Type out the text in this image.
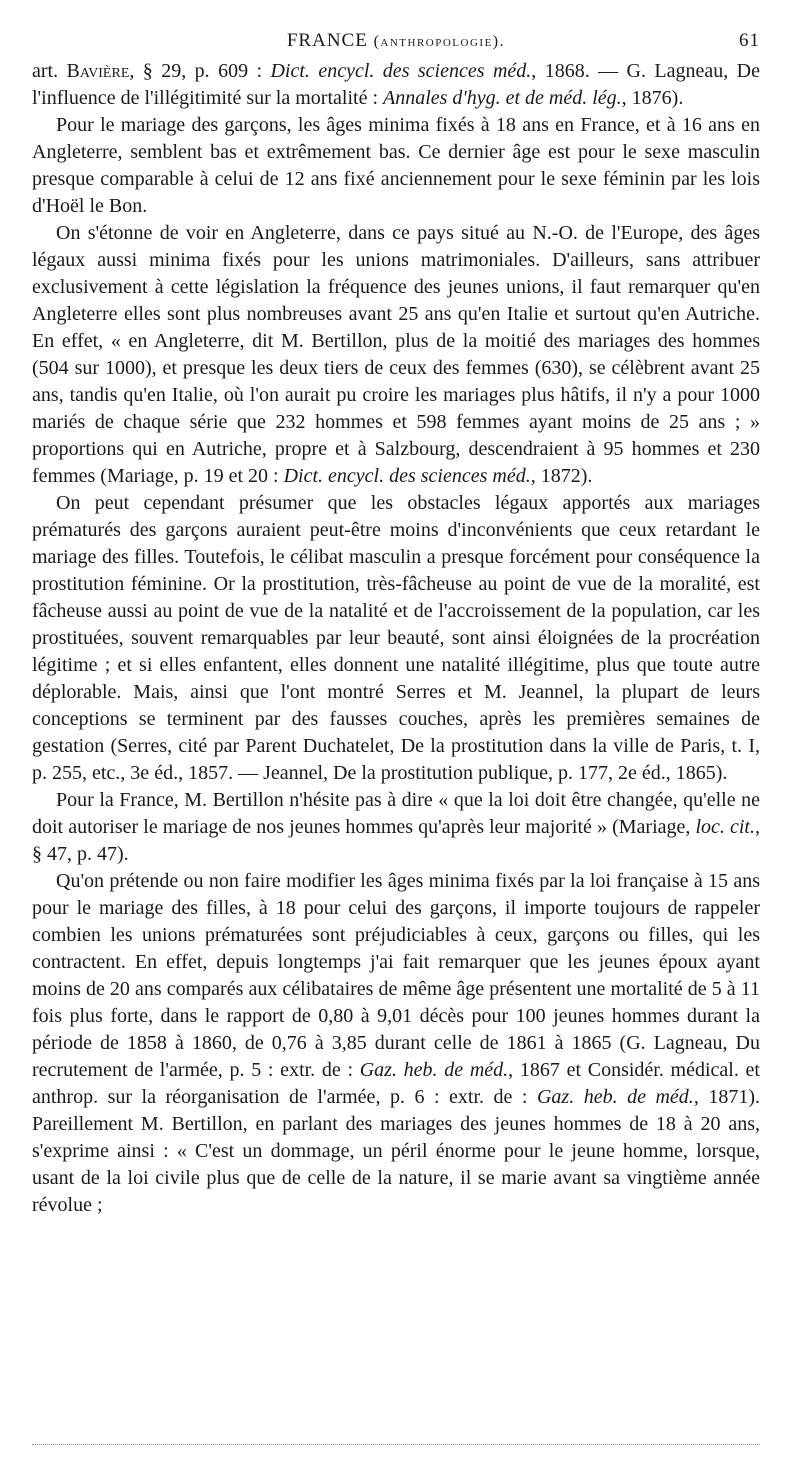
FRANCE (anthropologie).	61

art. Bavière, § 29, p. 609 : Dict. encycl. des sciences méd., 1868. — G. Lagneau, De l'influence de l'illégitimité sur la mortalité : Annales d'hyg. et de méd. lég., 1876).

Pour le mariage des garçons, les âges minima fixés à 18 ans en France, et à 16 ans en Angleterre, semblent bas et extrêmement bas. Ce dernier âge est pour le sexe masculin presque comparable à celui de 12 ans fixé anciennement pour le sexe féminin par les lois d'Hoël le Bon.

On s'étonne de voir en Angleterre, dans ce pays situé au N.-O. de l'Europe, des âges légaux aussi minima fixés pour les unions matrimoniales. D'ailleurs, sans attribuer exclusivement à cette législation la fréquence des jeunes unions, il faut remarquer qu'en Angleterre elles sont plus nombreuses avant 25 ans qu'en Italie et surtout qu'en Autriche. En effet, « en Angleterre, dit M. Bertillon, plus de la moitié des mariages des hommes (504 sur 1000), et presque les deux tiers de ceux des femmes (630), se célèbrent avant 25 ans, tandis qu'en Italie, où l'on aurait pu croire les mariages plus hâtifs, il n'y a pour 1000 mariés de chaque série que 232 hommes et 598 femmes ayant moins de 25 ans ; » proportions qui en Autriche, propre et à Salzbourg, descendraient à 95 hommes et 230 femmes (Mariage, p. 19 et 20 : Dict. encycl. des sciences méd., 1872).

On peut cependant présumer que les obstacles légaux apportés aux mariages prématurés des garçons auraient peut-être moins d'inconvénients que ceux retardant le mariage des filles. Toutefois, le célibat masculin a presque forcément pour conséquence la prostitution féminine. Or la prostitution, très-fâcheuse au point de vue de la moralité, est fâcheuse aussi au point de vue de la natalité et de l'accroissement de la population, car les prostituées, souvent remarquables par leur beauté, sont ainsi éloignées de la procréation légitime ; et si elles enfantent, elles donnent une natalité illégitime, plus que toute autre déplorable. Mais, ainsi que l'ont montré Serres et M. Jeannel, la plupart de leurs conceptions se terminent par des fausses couches, après les premières semaines de gestation (Serres, cité par Parent Duchatelet, De la prostitution dans la ville de Paris, t. I, p. 255, etc., 3e éd., 1857. — Jeannel, De la prostitution publique, p. 177, 2e éd., 1865).

Pour la France, M. Bertillon n'hésite pas à dire « que la loi doit être changée, qu'elle ne doit autoriser le mariage de nos jeunes hommes qu'après leur majorité » (Mariage, loc. cit., § 47, p. 47).

Qu'on prétende ou non faire modifier les âges minima fixés par la loi française à 15 ans pour le mariage des filles, à 18 pour celui des garçons, il importe toujours de rappeler combien les unions prématurées sont préjudiciables à ceux, garçons ou filles, qui les contractent. En effet, depuis longtemps j'ai fait remarquer que les jeunes époux ayant moins de 20 ans comparés aux célibataires de même âge présentent une mortalité de 5 à 11 fois plus forte, dans le rapport de 0,80 à 9,01 décès pour 100 jeunes hommes durant la période de 1858 à 1860, de 0,76 à 3,85 durant celle de 1861 à 1865 (G. Lagneau, Du recrutement de l'armée, p. 5 : extr. de : Gaz. heb. de méd., 1867 et Considér. médical. et anthrop. sur la réorganisation de l'armée, p. 6 : extr. de : Gaz. heb. de méd., 1871). Pareillement M. Bertillon, en parlant des mariages des jeunes hommes de 18 à 20 ans, s'exprime ainsi : « C'est un dommage, un péril énorme pour le jeune homme, lorsque, usant de la loi civile plus que de celle de la nature, il se marie avant sa vingtième année révolue ;
